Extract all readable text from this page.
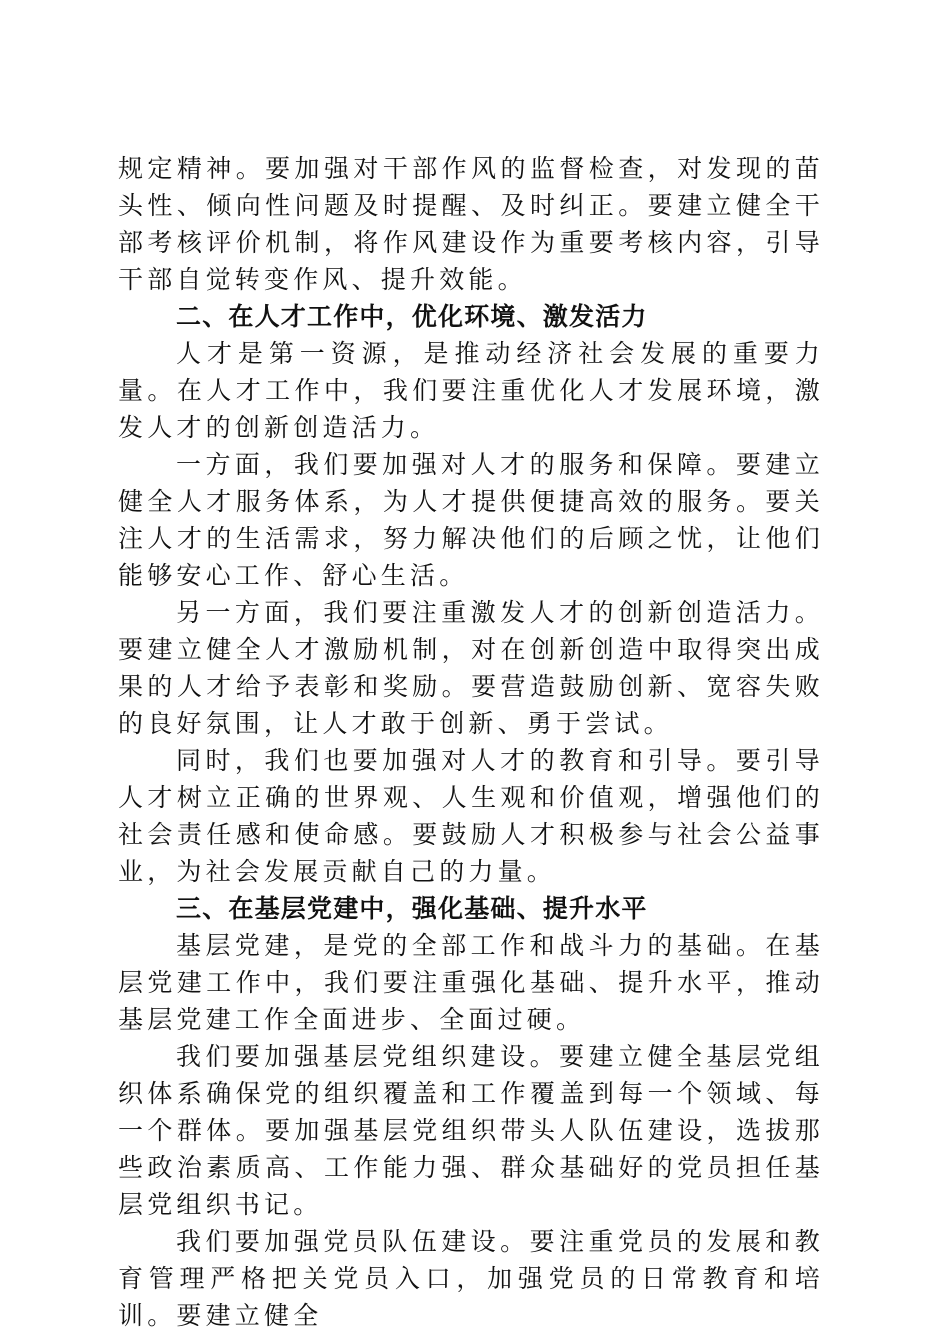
规定精神。要加强对干部作风的监督检查，对发现的苗头性、倾向性问题及时提醒、及时纠正。要建立健全干部考核评价机制，将作风建设作为重要考核内容，引导干部自觉转变作风、提升效能。

二、在人才工作中，优化环境、激发活力

人才是第一资源，是推动经济社会发展的重要力量。在人才工作中，我们要注重优化人才发展环境，激发人才的创新创造活力。

一方面，我们要加强对人才的服务和保障。要建立健全人才服务体系，为人才提供便捷高效的服务。要关注人才的生活需求，努力解决他们的后顾之忧，让他们能够安心工作、舒心生活。

另一方面，我们要注重激发人才的创新创造活力。要建立健全人才激励机制，对在创新创造中取得突出成果的人才给予表彰和奖励。要营造鼓励创新、宽容失败的良好氛围，让人才敢于创新、勇于尝试。

同时，我们也要加强对人才的教育和引导。要引导人才树立正确的世界观、人生观和价值观，增强他们的社会责任感和使命感。要鼓励人才积极参与社会公益事业，为社会发展贡献自己的力量。

三、在基层党建中，强化基础、提升水平

基层党建，是党的全部工作和战斗力的基础。在基层党建工作中，我们要注重强化基础、提升水平，推动基层党建工作全面进步、全面过硬。

我们要加强基层党组织建设。要建立健全基层党组织体系确保党的组织覆盖和工作覆盖到每一个领域、每一个群体。要加强基层党组织带头人队伍建设，选拔那些政治素质高、工作能力强、群众基础好的党员担任基层党组织书记。

我们要加强党员队伍建设。要注重党员的发展和教育管理严格把关党员入口，加强党员的日常教育和培训。要建立健全
